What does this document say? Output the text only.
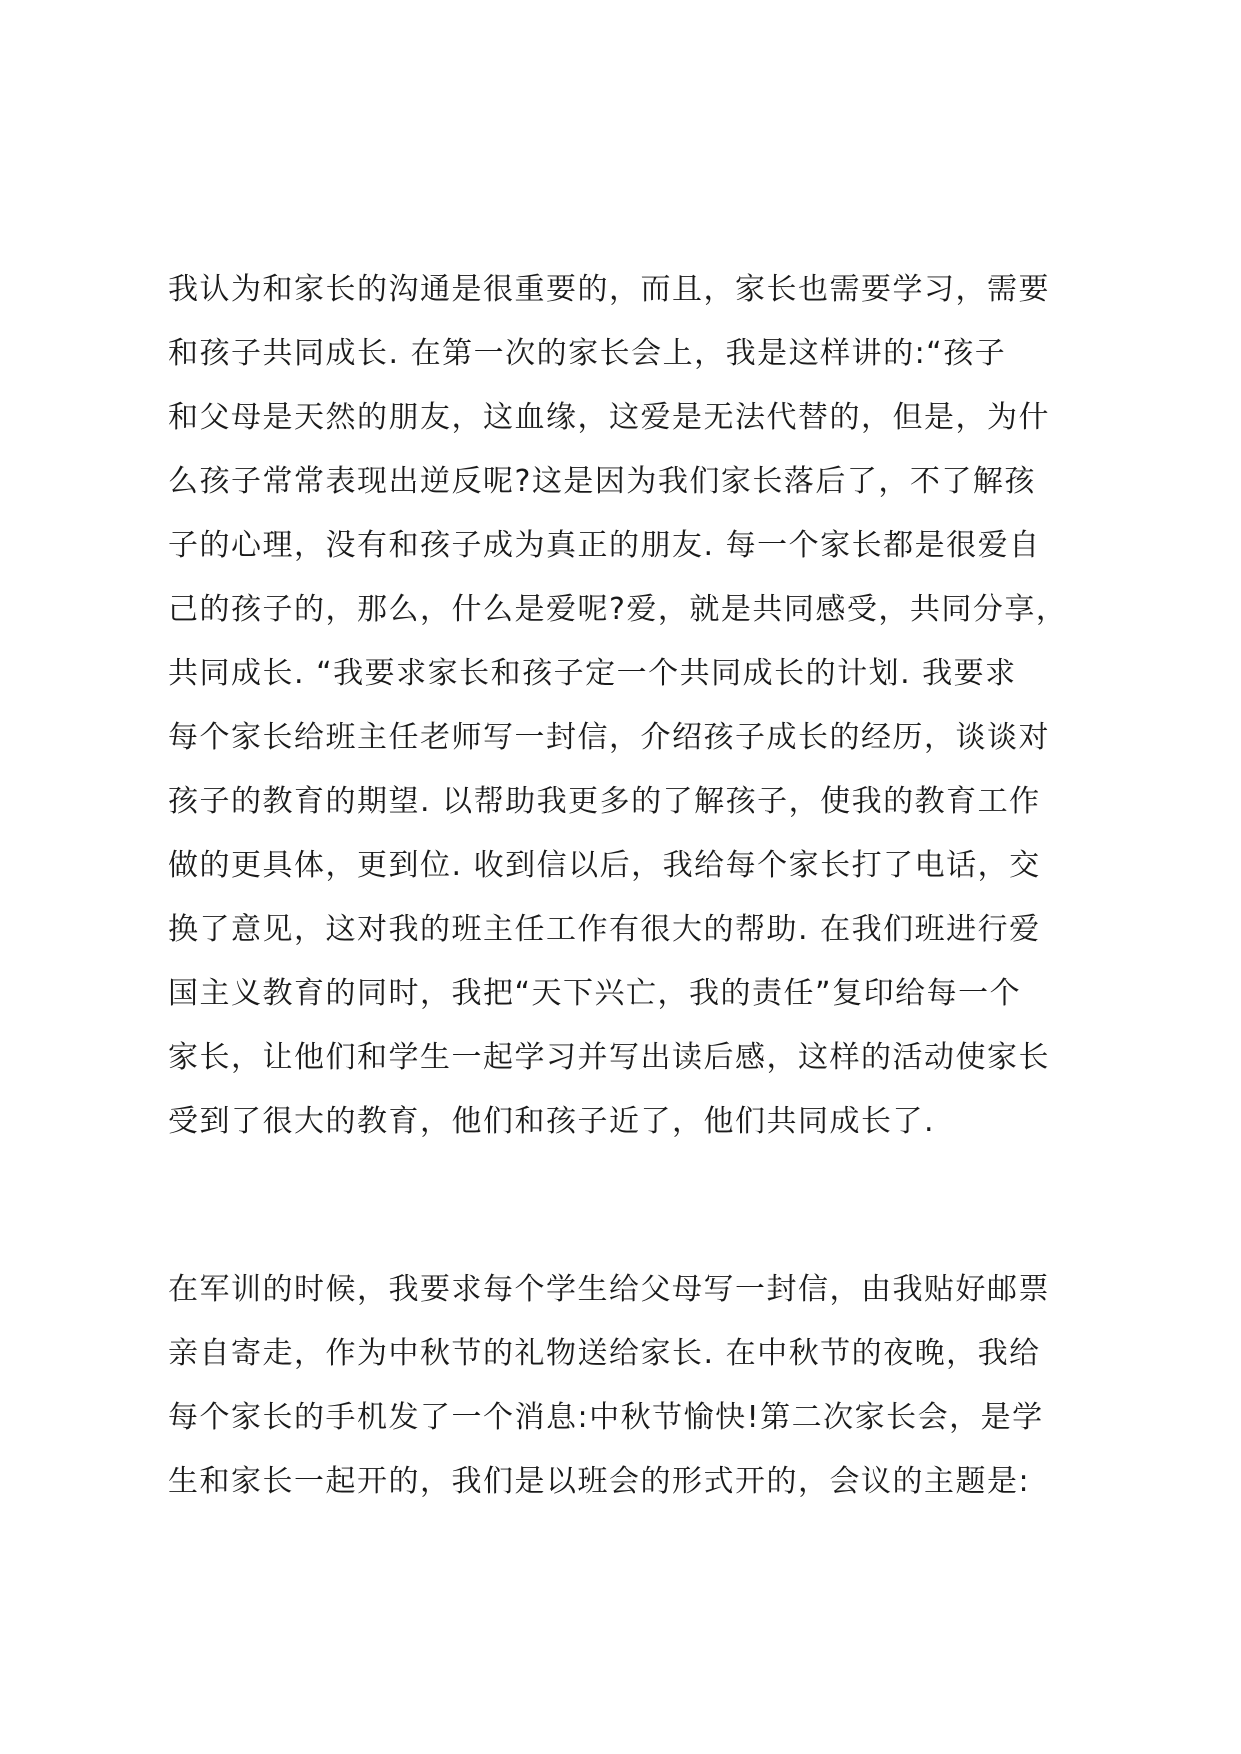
我认为和家长的沟通是很重要的，而且，家长也需要学习，需要
和孩子共同成长. 在第一次的家长会上，我是这样讲的:“孩子
和父母是天然的朋友，这血缘，这爱是无法代替的，但是，为什
么孩子常常表现出逆反呢?这是因为我们家长落后了，不了解孩
子的心理，没有和孩子成为真正的朋友. 每一个家长都是很爱自
己的孩子的，那么，什么是爱呢?爱，就是共同感受，共同分享，
共同成长. “我要求家长和孩子定一个共同成长的计划. 我要求
每个家长给班主任老师写一封信，介绍孩子成长的经历，谈谈对
孩子的教育的期望. 以帮助我更多的了解孩子，使我的教育工作
做的更具体，更到位. 收到信以后，我给每个家长打了电话，交
换了意见，这对我的班主任工作有很大的帮助. 在我们班进行爱
国主义教育的同时，我把“天下兴亡，我的责任”复印给每一个
家长，让他们和学生一起学习并写出读后感，这样的活动使家长
受到了很大的教育，他们和孩子近了，他们共同成长了.
在军训的时候，我要求每个学生给父母写一封信，由我贴好邮票
亲自寄走，作为中秋节的礼物送给家长. 在中秋节的夜晚，我给
每个家长的手机发了一个消息:中秋节愉快!第二次家长会，是学
生和家长一起开的，我们是以班会的形式开的，会议的主题是:
